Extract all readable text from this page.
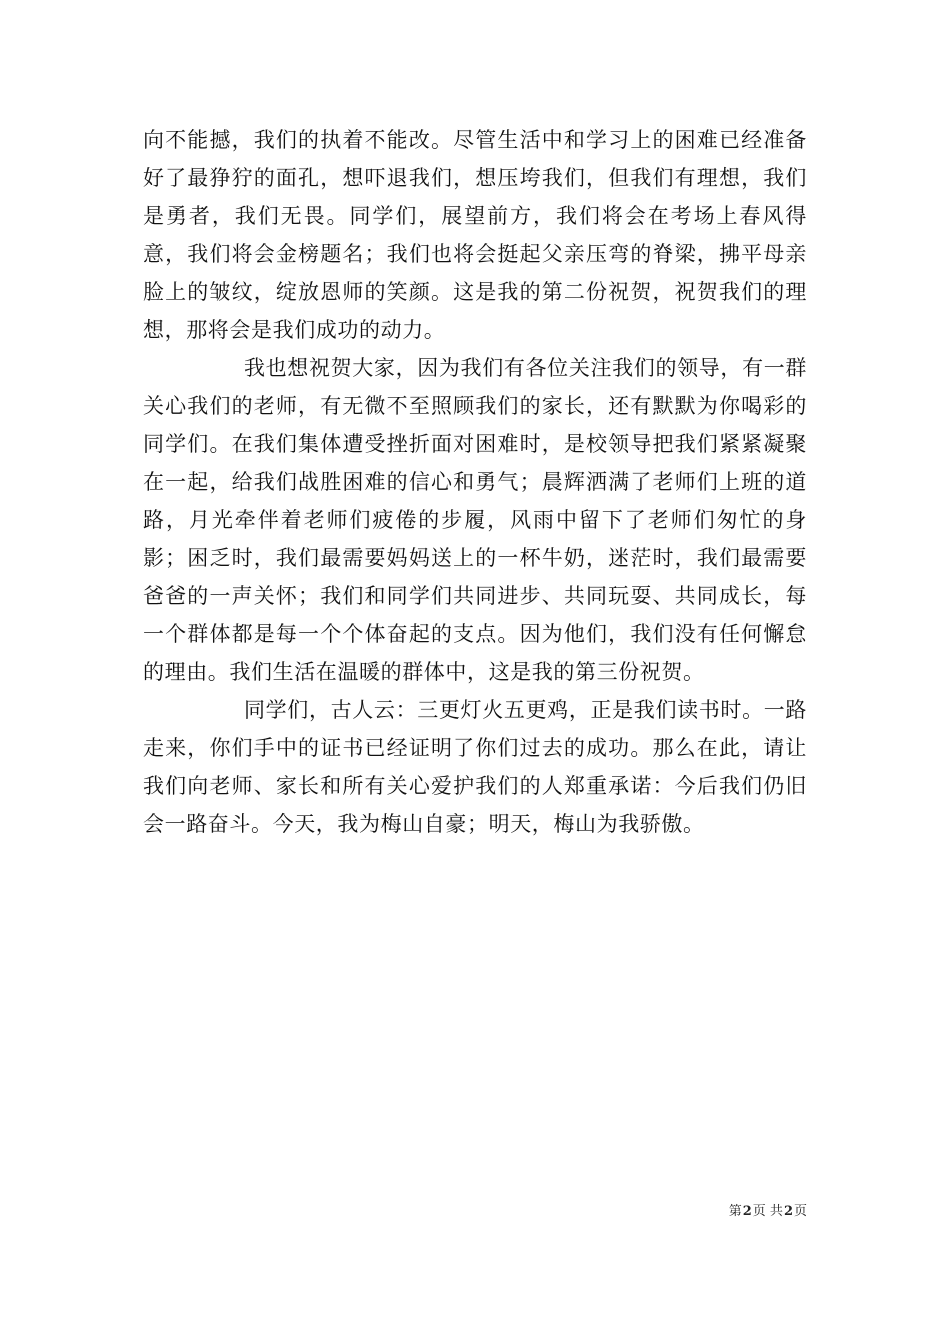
向不能撼，我们的执着不能改。尽管生活中和学习上的困难已经准备好了最狰狞的面孔，想吓退我们，想压垮我们，但我们有理想，我们是勇者，我们无畏。同学们，展望前方，我们将会在考场上春风得意，我们将会金榜题名；我们也将会挺起父亲压弯的脊梁，拂平母亲脸上的皱纹，绽放恩师的笑颜。这是我的第二份祝贺，祝贺我们的理想，那将会是我们成功的动力。

我也想祝贺大家，因为我们有各位关注我们的领导，有一群关心我们的老师，有无微不至照顾我们的家长，还有默默为你喝彩的同学们。在我们集体遭受挫折面对困难时，是校领导把我们紧紧凝聚在一起，给我们战胜困难的信心和勇气；晨辉洒满了老师们上班的道路，月光牵伴着老师们疲倦的步履，风雨中留下了老师们匆忙的身影；困乏时，我们最需要妈妈送上的一杯牛奶，迷茫时，我们最需要爸爸的一声关怀；我们和同学们共同进步、共同玩耍、共同成长，每一个群体都是每一个个体奋起的支点。因为他们，我们没有任何懈怠的理由。我们生活在温暖的群体中，这是我的第三份祝贺。

同学们，古人云：三更灯火五更鸡，正是我们读书时。一路走来，你们手中的证书已经证明了你们过去的成功。那么在此，请让我们向老师、家长和所有关心爱护我们的人郑重承诺：今后我们仍旧会一路奋斗。今天，我为梅山自豪；明天，梅山为我骄傲。

第2页 共2页
